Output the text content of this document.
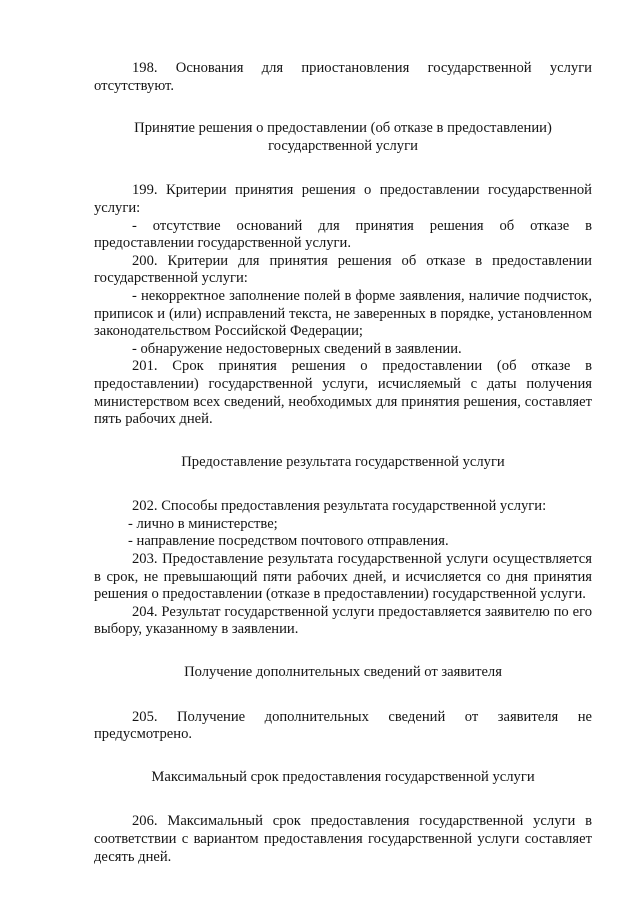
198. Основания для приостановления государственной услуги отсутствуют.

Принятие решения о предоставлении (об отказе в предоставлении) государственной услуги

199. Критерии принятия решения о предоставлении государственной услуги:

- отсутствие оснований для принятия решения об отказе в предоставлении государственной услуги.

200. Критерии для принятия решения об отказе в предоставлении государственной услуги:

- некорректное заполнение полей в форме заявления, наличие подчисток, приписок и (или) исправлений текста, не заверенных в порядке, установленном законодательством Российской Федерации;

- обнаружение недостоверных сведений в заявлении.

201. Срок принятия решения о предоставлении (об отказе в предоставлении) государственной услуги, исчисляемый с даты получения министерством всех сведений, необходимых для принятия решения, составляет пять рабочих дней.

Предоставление результата государственной услуги

202. Способы предоставления результата государственной услуги:

- лично в министерстве;

- направление посредством почтового отправления.

203. Предоставление результата государственной услуги осуществляется в срок, не превышающий пяти рабочих дней, и исчисляется со дня принятия решения о предоставлении (отказе в предоставлении) государственной услуги.

204. Результат государственной услуги предоставляется заявителю по его выбору, указанному в заявлении.

Получение дополнительных сведений от заявителя

205. Получение дополнительных сведений от заявителя не предусмотрено.

Максимальный срок предоставления государственной услуги

206. Максимальный срок предоставления государственной услуги в соответствии с вариантом предоставления государственной услуги составляет десять дней.
